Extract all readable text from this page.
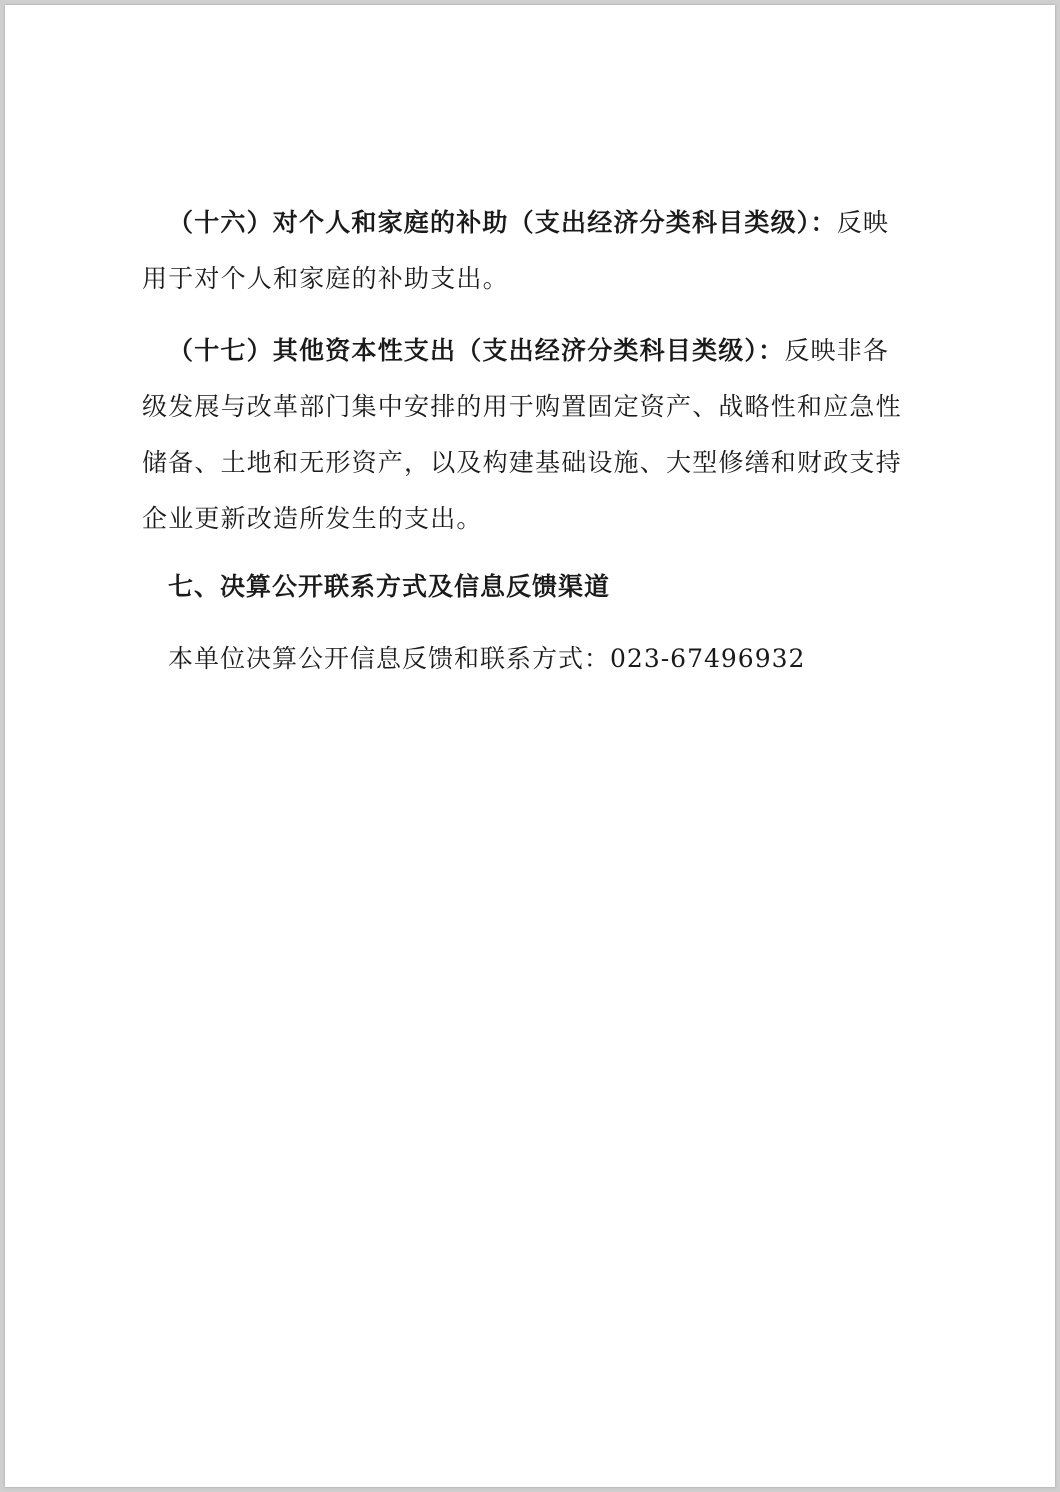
（十六）对个人和家庭的补助（支出经济分类科目类级）：反映用于对个人和家庭的补助支出。

（十七）其他资本性支出（支出经济分类科目类级）：反映非各级发展与改革部门集中安排的用于购置固定资产、战略性和应急性储备、土地和无形资产，以及构建基础设施、大型修缮和财政支持企业更新改造所发生的支出。

七、决算公开联系方式及信息反馈渠道

本单位决算公开信息反馈和联系方式：023-67496932
